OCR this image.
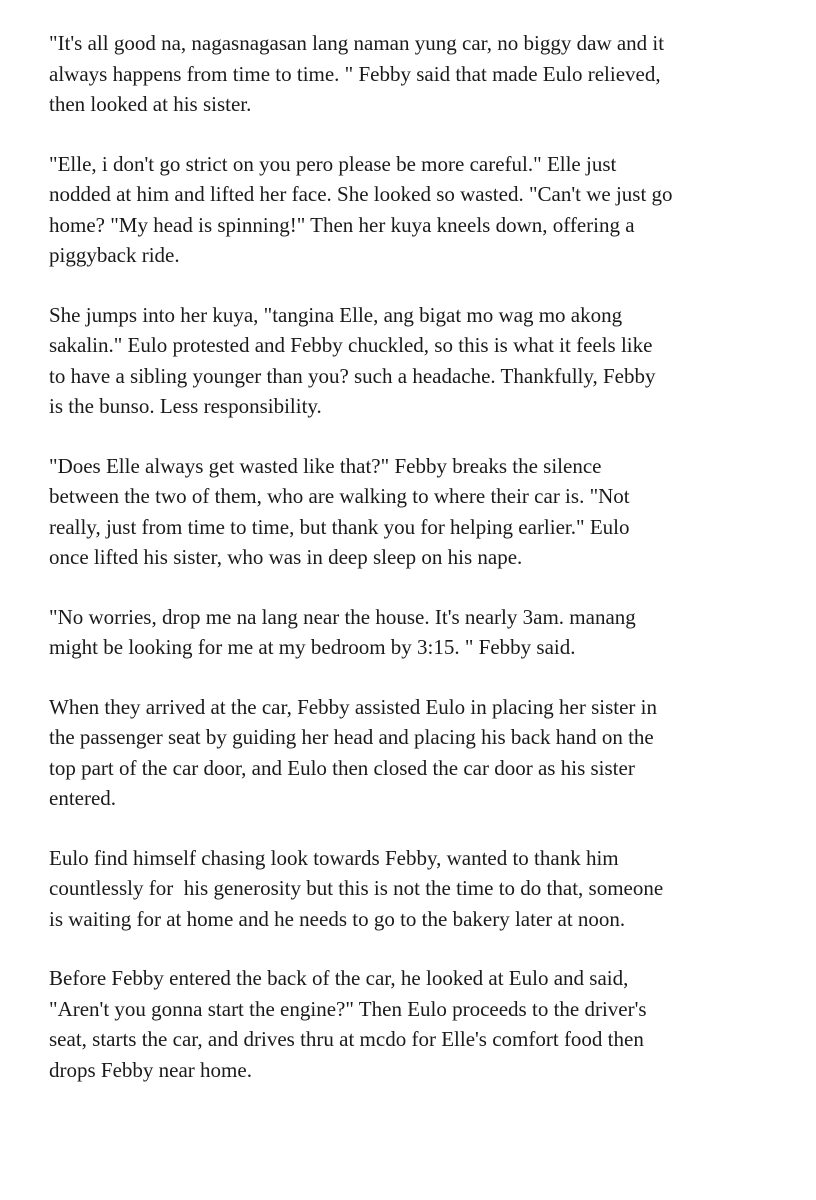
"It's all good na, nagasnagasan lang naman yung car, no biggy daw and it
always happens from time to time. " Febby said that made Eulo relieved,
then looked at his sister.

"Elle, i don't go strict on you pero please be more careful." Elle just
nodded at him and lifted her face. She looked so wasted. "Can't we just go
home? "My head is spinning!" Then her kuya kneels down, offering a
piggyback ride.

She jumps into her kuya, "tangina Elle, ang bigat mo wag mo akong
sakalin." Eulo protested and Febby chuckled, so this is what it feels like
to have a sibling younger than you? such a headache. Thankfully, Febby
is the bunso. Less responsibility.

"Does Elle always get wasted like that?" Febby breaks the silence
between the two of them, who are walking to where their car is. "Not
really, just from time to time, but thank you for helping earlier." Eulo
once lifted his sister, who was in deep sleep on his nape.

"No worries, drop me na lang near the house. It's nearly 3am. manang
might be looking for me at my bedroom by 3:15. " Febby said.

When they arrived at the car, Febby assisted Eulo in placing her sister in
the passenger seat by guiding her head and placing his back hand on the
top part of the car door, and Eulo then closed the car door as his sister
entered.

Eulo find himself chasing look towards Febby, wanted to thank him
countlessly for  his generosity but this is not the time to do that, someone
is waiting for at home and he needs to go to the bakery later at noon.

Before Febby entered the back of the car, he looked at Eulo and said,
"Aren't you gonna start the engine?" Then Eulo proceeds to the driver's
seat, starts the car, and drives thru at mcdo for Elle's comfort food then
drops Febby near home.
